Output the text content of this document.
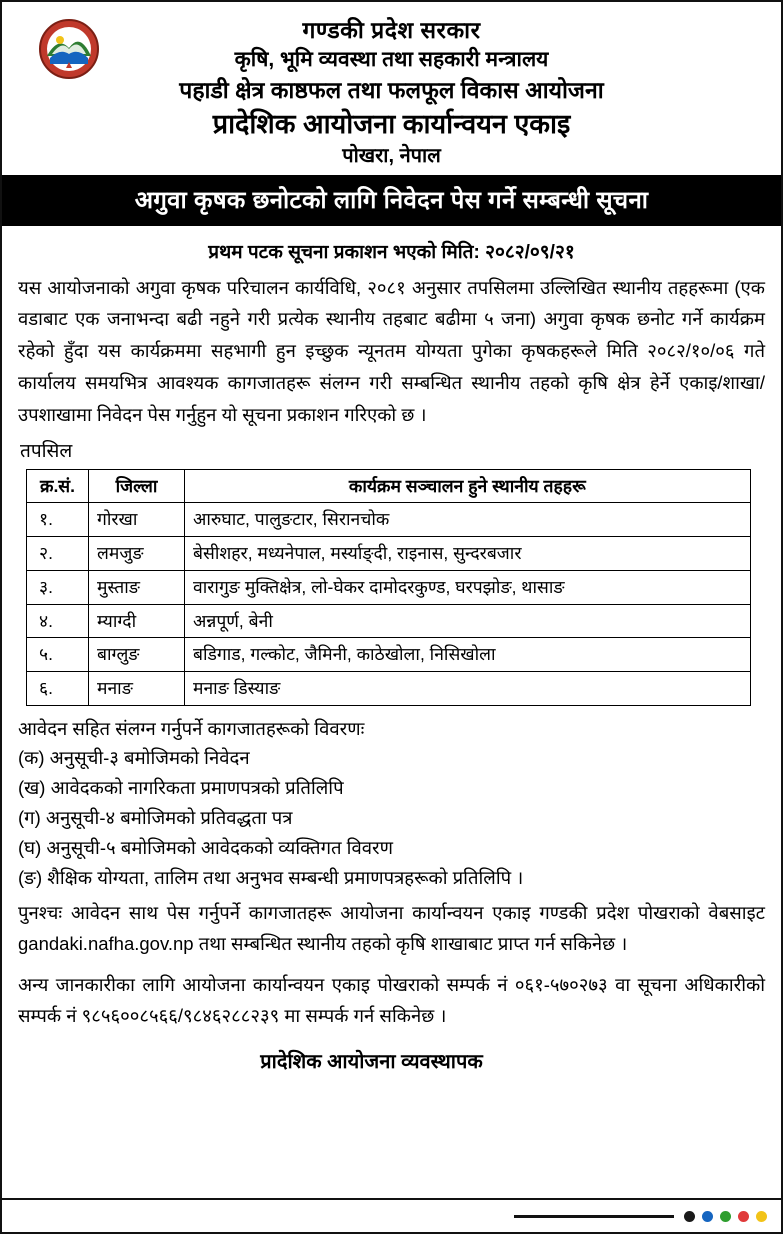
गण्डकी प्रदेश सरकार
कृषि, भूमि व्यवस्था तथा सहकारी मन्त्रालय
पहाडी क्षेत्र काष्ठफल तथा फलफूल विकास आयोजना
प्रादेशिक आयोजना कार्यान्वयन एकाइ
पोखरा, नेपाल
अगुवा कृषक छनोटको लागि निवेदन पेस गर्ने सम्बन्धी सूचना
प्रथम पटक सूचना प्रकाशन भएको मिति: २०८२/०९/२१

यस आयोजनाको अगुवा कृषक परिचालन कार्यविधि, २०८१ अनुसार तपसिलमा उल्लिखित स्थानीय तहहरूमा (एक वडाबाट एक जनाभन्दा बढी नहुने गरी प्रत्येक स्थानीय तहबाट बढीमा ५ जना) अगुवा कृषक छनोट गर्ने कार्यक्रम रहेको हुँदा यस कार्यक्रममा सहभागी हुन इच्छुक न्यूनतम योग्यता पुगेका कृषकहरूले मिति २०८२/१०/०६ गते कार्यालय समयभित्र आवश्यक कागजातहरू संलग्न गरी सम्बन्धित स्थानीय तहको कृषि क्षेत्र हेर्ने एकाइ/शाखा/उपशाखामा निवेदन पेस गर्नुहुन यो सूचना प्रकाशन गरिएको छ ।

तपसिल
क्र.सं.	जिल्ला	कार्यक्रम सञ्चालन हुने स्थानीय तहहरू
१.	गोरखा	आरुघाट, पालुङटार, सिरानचोक
२.	लमजुङ	बेसीशहर, मध्यनेपाल, मर्स्याङ्दी, राइनास, सुन्दरबजार
३.	मुस्ताङ	वारागुङ मुक्तिक्षेत्र, लो-घेकर दामोदरकुण्ड, घरपझोङ, थासाङ
४.	म्याग्दी	अन्नपूर्ण, बेनी
५.	बाग्लुङ	बडिगाड, गल्कोट, जैमिनी, काठेखोला, निसिखोला
६.	मनाङ	मनाङ डिस्याङ
आवेदन सहित संलग्न गर्नुपर्ने कागजातहरूको विवरणः

(क) अनुसूची-३ बमोजिमको निवेदन

(ख) आवेदकको नागरिकता प्रमाणपत्रको प्रतिलिपि

(ग) अनुसूची-४ बमोजिमको प्रतिवद्धता पत्र

(घ) अनुसूची-५ बमोजिमको आवेदकको व्यक्तिगत विवरण

(ङ) शैक्षिक योग्यता, तालिम तथा अनुभव सम्बन्धी प्रमाणपत्रहरूको प्रतिलिपि ।

पुनश्चः आवेदन साथ पेस गर्नुपर्ने कागजातहरू आयोजना कार्यान्वयन एकाइ गण्डकी प्रदेश पोखराको वेबसाइट gandaki.nafha.gov.np तथा सम्बन्धित स्थानीय तहको कृषि शाखाबाट प्राप्त गर्न सकिनेछ ।

अन्य जानकारीका लागि आयोजना कार्यान्वयन एकाइ पोखराको सम्पर्क नं ०६१-५७०२७३ वा सूचना अधिकारीको सम्पर्क नं ९८५६००८५६६/९८४६२८८२३९ मा सम्पर्क गर्न सकिनेछ ।

प्रादेशिक आयोजना व्यवस्थापक
